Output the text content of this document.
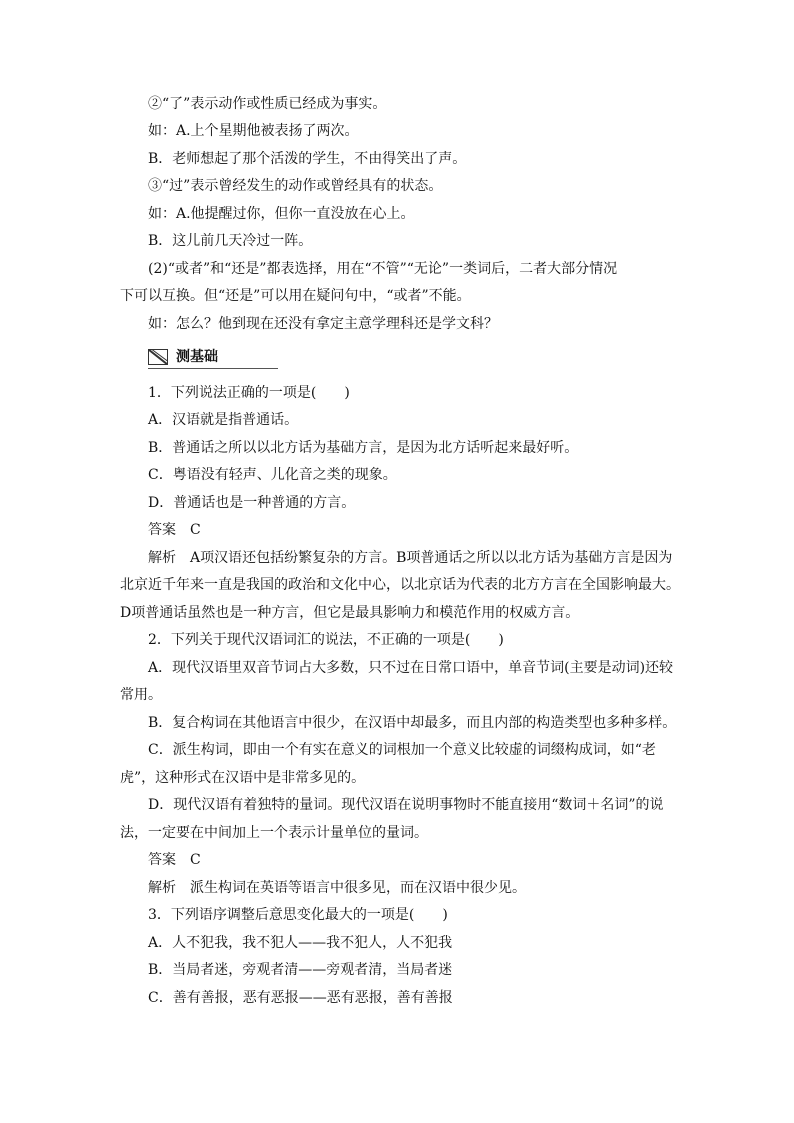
②“了”表示动作或性质已经成为事实。
如：A.上个星期他被表扬了两次。
B．老师想起了那个活泼的学生，不由得笑出了声。
③“过”表示曾经发生的动作或曾经具有的状态。
如：A.他提醒过你，但你一直没放在心上。
B．这儿前几天冷过一阵。
(2)“或者”和“还是”都表选择，用在“不管”“无论”一类词后，二者大部分情况
下可以互换。但“还是”可以用在疑问句中，“或者”不能。
如：怎么？他到现在还没有拿定主意学理科还是学文科？
测基础
1．下列说法正确的一项是(　　)
A．汉语就是指普通话。
B．普通话之所以以北方话为基础方言，是因为北方话听起来最好听。
C．粤语没有轻声、儿化音之类的现象。
D．普通话也是一种普通的方言。
答案　C
解析　A项汉语还包括纷繁复杂的方言。B项普通话之所以以北方话为基础方言是因为
北京近千年来一直是我国的政治和文化中心，以北京话为代表的北方方言在全国影响最大。
D项普通话虽然也是一种方言，但它是最具影响力和模范作用的权威方言。
2．下列关于现代汉语词汇的说法，不正确的一项是(　　)
A．现代汉语里双音节词占大多数，只不过在日常口语中，单音节词(主要是动词)还较
常用。
B．复合构词在其他语言中很少，在汉语中却最多，而且内部的构造类型也多种多样。
C．派生构词，即由一个有实在意义的词根加一个意义比较虚的词缀构成词，如“老
虎”，这种形式在汉语中是非常多见的。
D．现代汉语有着独特的量词。现代汉语在说明事物时不能直接用“数词＋名词”的说
法，一定要在中间加上一个表示计量单位的量词。
答案　C
解析　派生构词在英语等语言中很多见，而在汉语中很少见。
3．下列语序调整后意思变化最大的一项是(　　)
A．人不犯我，我不犯人——我不犯人，人不犯我
B．当局者迷，旁观者清——旁观者清，当局者迷
C．善有善报，恶有恶报——恶有恶报，善有善报
